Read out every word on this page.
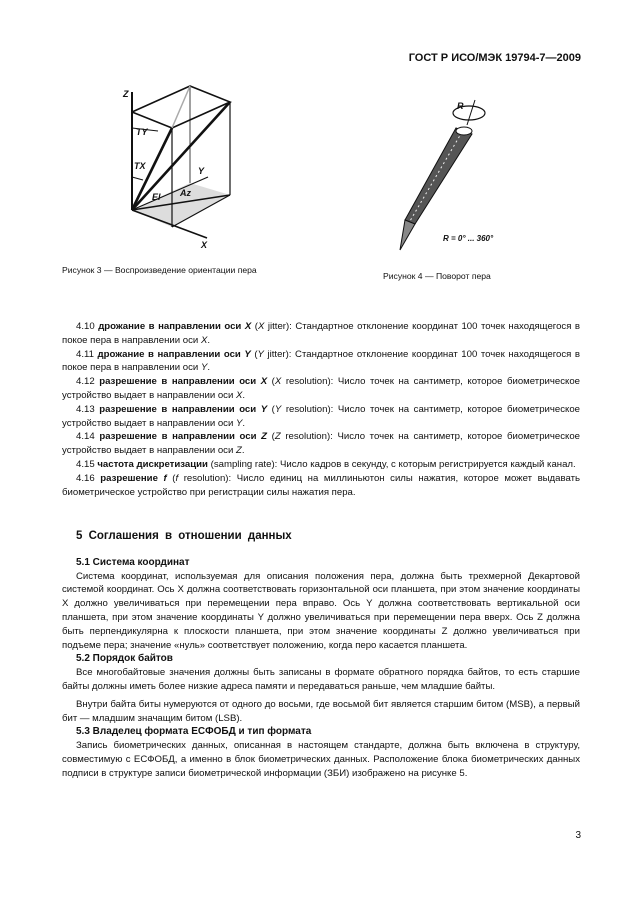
ГОСТ Р ИСО/МЭК 19794-7—2009
Z
Y
X
TX
TY
El Az
R
R = 0° ... 360°
Рисунок 3 — Воспроизведение ориентации пера
Рисунок 4 — Поворот пера

4.10 дрожание в направлении оси X (X jitter): Стандартное отклонение координат 100 точек находящегося в покое пера в направлении оси X.

4.11 дрожание в направлении оси Y (Y jitter): Стандартное отклонение координат 100 точек находящегося в покое пера в направлении оси Y.

4.12 разрешение в направлении оси X (X resolution): Число точек на сантиметр, которое биометрическое устройство выдает в направлении оси X.

4.13 разрешение в направлении оси Y (Y resolution): Число точек на сантиметр, которое биометрическое устройство выдает в направлении оси Y.

4.14 разрешение в направлении оси Z (Z resolution): Число точек на сантиметр, которое биометрическое устройство выдает в направлении оси Z.

4.15 частота дискретизации (sampling rate): Число кадров в секунду, с которым регистрируется каждый канал.

4.16 разрешение f (f resolution): Число единиц на миллиньютон силы нажатия, которое может выдавать биометрическое устройство при регистрации силы нажатия пера.

5 Соглашения в отношении данных
5.1 Система координат

Система координат, используемая для описания положения пера, должна быть трехмерной Декартовой системой координат. Ось X должна соответствовать горизонтальной оси планшета, при этом значение координаты X должно увеличиваться при перемещении пера вправо. Ось Y должна соответствовать вертикальной оси планшета, при этом значение координаты Y должно увеличиваться при перемещении пера вверх. Ось Z должна быть перпендикулярна к плоскости планшета, при этом значение координаты Z должно увеличиваться при подъеме пера; значение «нуль» соответствует положению, когда перо касается планшета.

5.2 Порядок байтов

Все многобайтовые значения должны быть записаны в формате обратного порядка байтов, то есть старшие байты должны иметь более низкие адреса памяти и передаваться раньше, чем младшие байты.

Внутри байта биты нумеруются от одного до восьми, где восьмой бит является старшим битом (MSB), а первый бит — младшим значащим битом (LSB).

5.3 Владелец формата ЕСФОБД и тип формата

Запись биометрических данных, описанная в настоящем стандарте, должна быть включена в структуру, совместимую с ЕСФОБД, а именно в блок биометрических данных. Расположение блока биометрических данных подписи в структуре записи биометрической информации (ЗБИ) изображено на рисунке 5.

3
